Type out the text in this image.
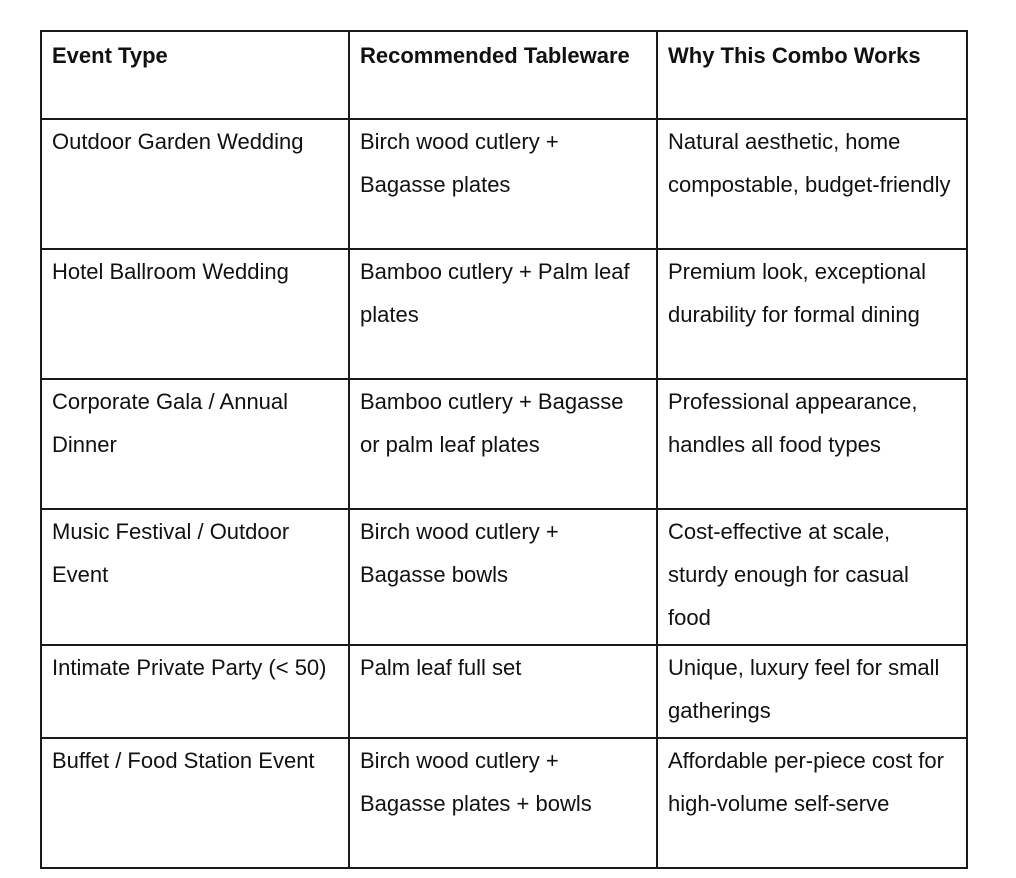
Event Type	Recommended Tableware	Why This Combo Works
Outdoor Garden Wedding	Birch wood cutlery + Bagasse plates	Natural aesthetic, home compostable, budget-friendly
Hotel Ballroom Wedding	Bamboo cutlery + Palm leaf plates	Premium look, exceptional durability for formal dining
Corporate Gala / Annual Dinner	Bamboo cutlery + Bagasse or palm leaf plates	Professional appearance, handles all food types
Music Festival / Outdoor Event	Birch wood cutlery + Bagasse bowls	Cost-effective at scale, sturdy enough for casual food
Intimate Private Party (< 50)	Palm leaf full set	Unique, luxury feel for small gatherings
Buffet / Food Station Event	Birch wood cutlery + Bagasse plates + bowls	Affordable per-piece cost for high-volume self-serve
